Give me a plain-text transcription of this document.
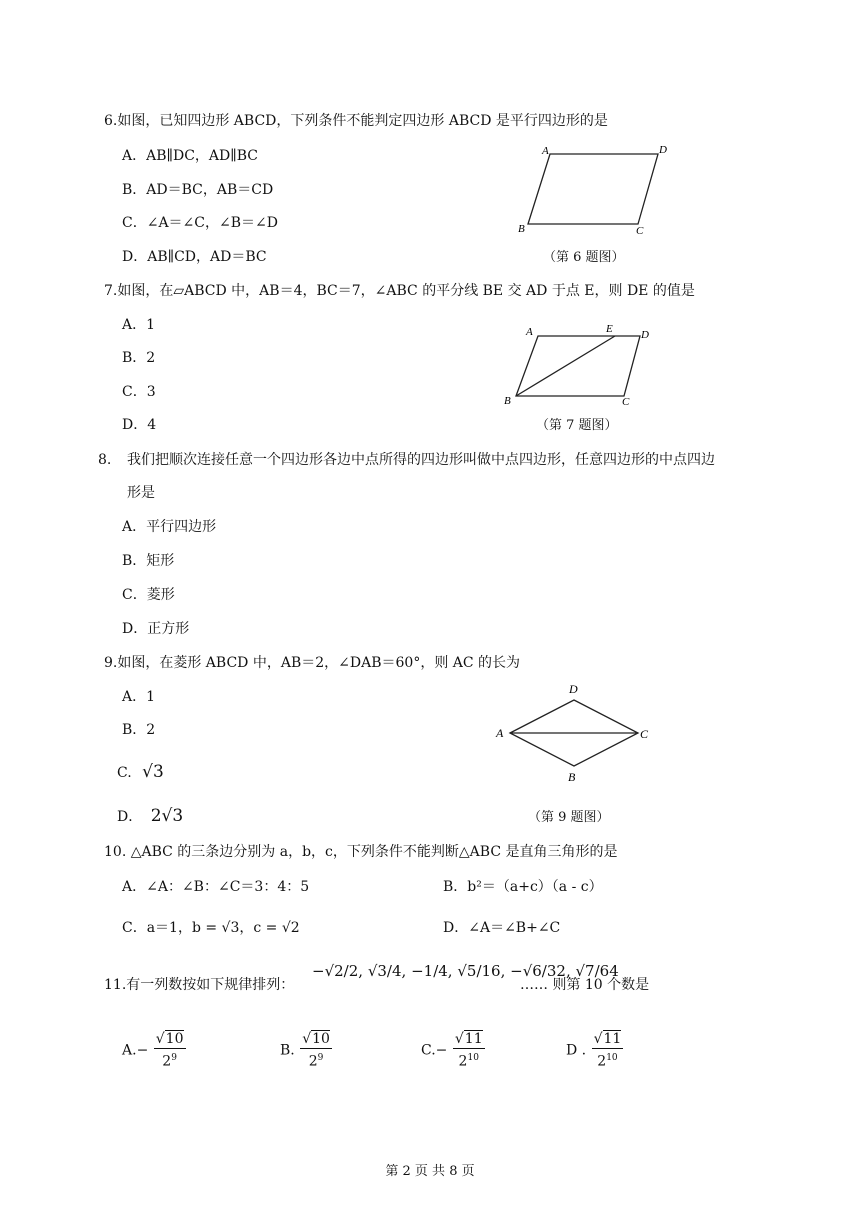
6.如图，已知四边形 ABCD，下列条件不能判定四边形 ABCD 是平行四边形的是
A．AB∥DC，AD∥BC
B．AD＝BC，AB＝CD
C．∠A＝∠C，∠B＝∠D
D．AB∥CD，AD＝BC
A	D
B	C
（第 6 题图）
7.如图，在▱ABCD 中，AB＝4，BC＝7，∠ABC 的平分线 BE 交 AD 于点 E，则 DE 的值是
A．1
B．2
C．3
D．4
A	E	D
B	C
（第 7 题图）
8. 我们把顺次连接任意一个四边形各边中点所得的四边形叫做中点四边形，任意四边形的中点四边
形是
A．平行四边形
B．矩形
C．菱形
D．正方形
9.如图，在菱形 ABCD 中，AB＝2，∠DAB＝60°，则 AC 的长为
A．1
B．2
C. √3
D． 2√3
D
A	C
B
（第 9 题图）
10. △ABC 的三条边分别为 a，b，c，下列条件不能判断△ABC 是直角三角形的是
A．∠A：∠B：∠C＝3：4：5	B．b²＝（a+c）（a - c）
C．a＝1，b = √3，c = √2	D．∠A＝∠B+∠C
11.有一列数按如下规律排列：
−√2/2, √3/4, −1/4, √5/16, −√6/32, √7/64
…… 则第 10 个数是
$A.- \frac{√10}{2^9}$	B. $\frac{√10}{2^9}$	$C.- \frac{√11}{2^{10}}$	D . $\frac{√11}{2^{10}}$
第 2 页 共 8 页
